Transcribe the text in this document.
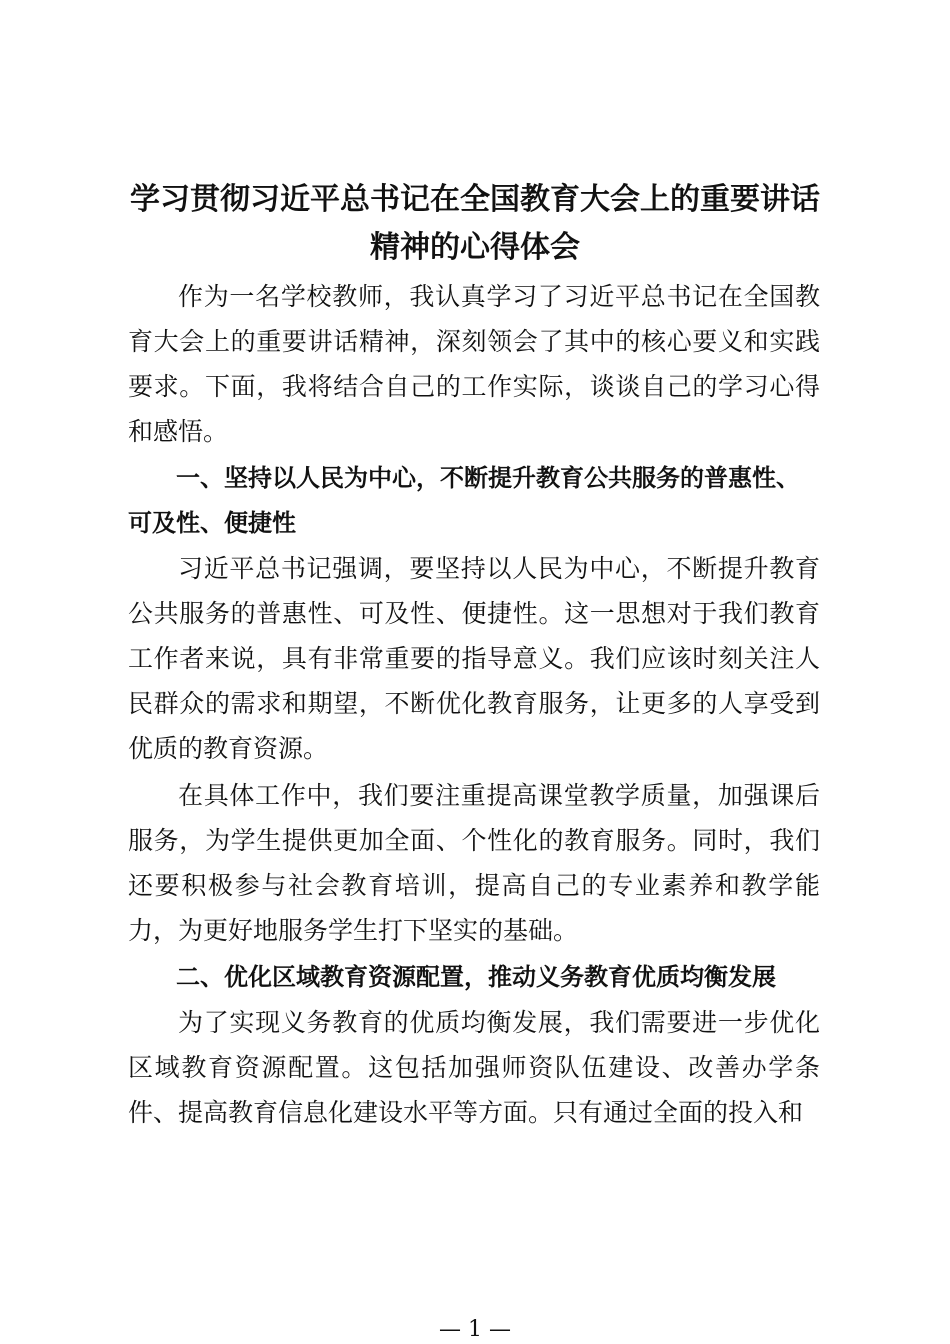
学习贯彻习近平总书记在全国教育大会上的重要讲话精神的心得体会

作为一名学校教师，我认真学习了习近平总书记在全国教育大会上的重要讲话精神，深刻领会了其中的核心要义和实践要求。下面，我将结合自己的工作实际，谈谈自己的学习心得和感悟。

一、坚持以人民为中心，不断提升教育公共服务的普惠性、可及性、便捷性

习近平总书记强调，要坚持以人民为中心，不断提升教育公共服务的普惠性、可及性、便捷性。这一思想对于我们教育工作者来说，具有非常重要的指导意义。我们应该时刻关注人民群众的需求和期望，不断优化教育服务，让更多的人享受到优质的教育资源。

在具体工作中，我们要注重提高课堂教学质量，加强课后服务，为学生提供更加全面、个性化的教育服务。同时，我们还要积极参与社会教育培训，提高自己的专业素养和教学能力，为更好地服务学生打下坚实的基础。

二、优化区域教育资源配置，推动义务教育优质均衡发展

为了实现义务教育的优质均衡发展，我们需要进一步优化区域教育资源配置。这包括加强师资队伍建设、改善办学条件、提高教育信息化建设水平等方面。只有通过全面的投入和

— 1 —
